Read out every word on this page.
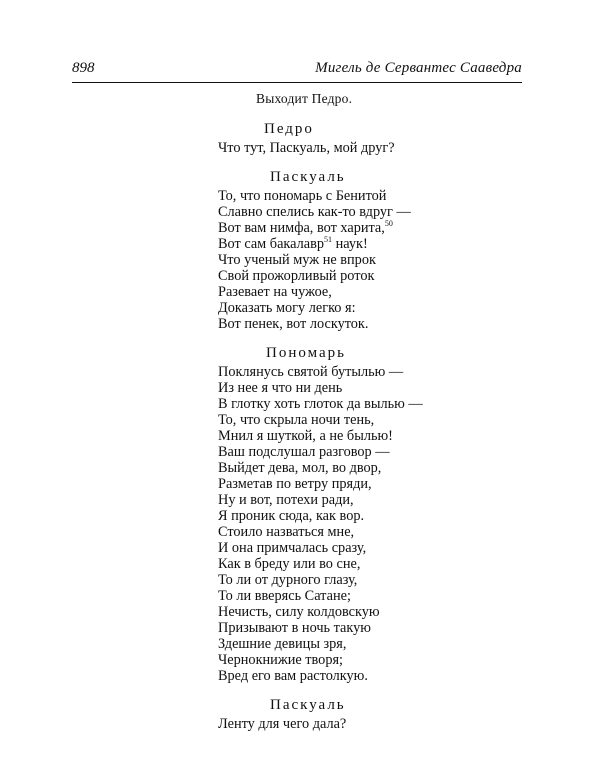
898	Мигель де Сервантес Сааведра
Выходит Педро.
Педро
Что тут, Паскуаль, мой друг?
Паскуаль
То, что пономарь с Бенитой
Славно спелись как-то вдруг —
Вот вам нимфа, вот харита,$^{50}$
Вот сам бакалавр$^{51}$ наук!
Что ученый муж не впрок
Свой прожорливый роток
Разевает на чужое,
Доказать могу легко я:
Вот пенек, вот лоскуток.
Пономарь
Поклянусь святой бутылью —
Из нее я что ни день
В глотку хоть глоток да вылью —
То, что скрыла ночи тень,
Мнил я шуткой, а не былью!
Ваш подслушал разговор —
Выйдет дева, мол, во двор,
Разметав по ветру пряди,
Ну и вот, потехи ради,
Я проник сюда, как вор.
Стоило назваться мне,
И она примчалась сразу,
Как в бреду или во сне,
То ли от дурного глазу,
То ли вверясь Сатане;
Нечисть, силу колдовскую
Призывают в ночь такую
Здешние девицы зря,
Чернокнижие творя;
Вред его вам растолкую.
Паскуаль
Ленту для чего дала?
